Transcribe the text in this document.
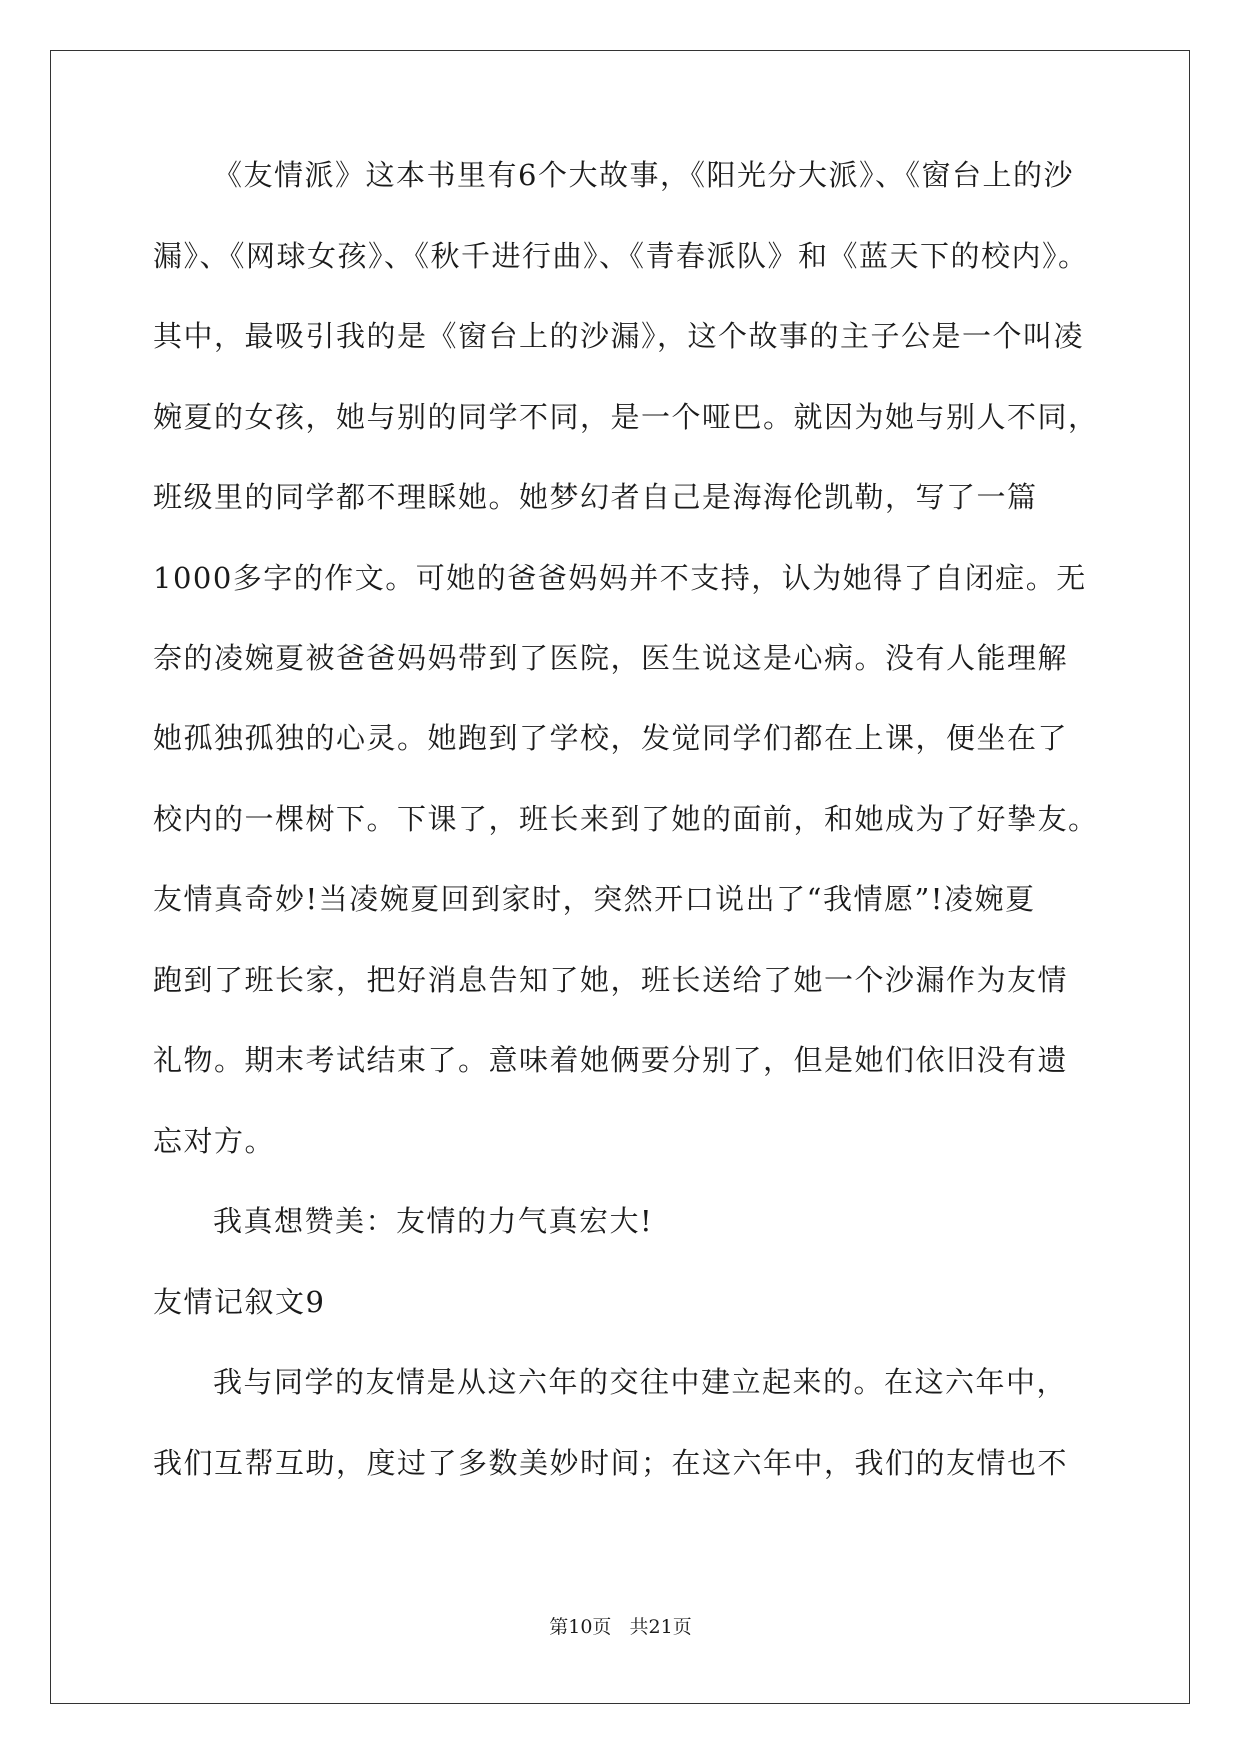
《友情派》这本书里有6个大故事，《阳光分大派》、《窗台上的沙
漏》、《网球女孩》、《秋千进行曲》、《青春派队》和《蓝天下的校内》。
其中，最吸引我的是《窗台上的沙漏》，这个故事的主子公是一个叫凌
婉夏的女孩，她与别的同学不同，是一个哑巴。就因为她与别人不同，
班级里的同学都不理睬她。她梦幻者自己是海海伦凯勒，写了一篇
1000多字的作文。可她的爸爸妈妈并不支持，认为她得了自闭症。无
奈的凌婉夏被爸爸妈妈带到了医院，医生说这是心病。没有人能理解
她孤独孤独的心灵。她跑到了学校，发觉同学们都在上课，便坐在了
校内的一棵树下。下课了，班长来到了她的面前，和她成为了好挚友。
友情真奇妙!当凌婉夏回到家时，突然开口说出了“我情愿”!凌婉夏
跑到了班长家，把好消息告知了她，班长送给了她一个沙漏作为友情
礼物。期末考试结束了。意味着她俩要分别了，但是她们依旧没有遗
忘对方。
我真想赞美：友情的力气真宏大!
友情记叙文9
我与同学的友情是从这六年的交往中建立起来的。在这六年中，
我们互帮互助，度过了多数美妙时间；在这六年中，我们的友情也不
第10页   共21页
